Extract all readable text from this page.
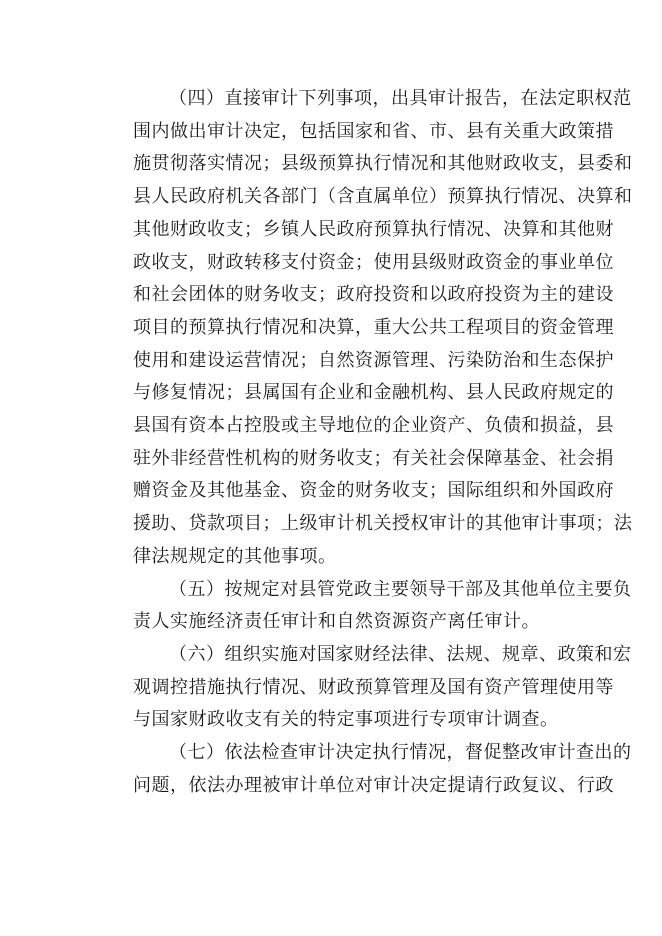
（四）直接审计下列事项，出具审计报告，在法定职权范
围内做出审计决定，包括国家和省、市、县有关重大政策措
施贯彻落实情况；县级预算执行情况和其他财政收支，县委和
县人民政府机关各部门（含直属单位）预算执行情况、决算和
其他财政收支；乡镇人民政府预算执行情况、决算和其他财
政收支，财政转移支付资金；使用县级财政资金的事业单位
和社会团体的财务收支；政府投资和以政府投资为主的建设
项目的预算执行情况和决算，重大公共工程项目的资金管理
使用和建设运营情况；自然资源管理、污染防治和生态保护
与修复情况；县属国有企业和金融机构、县人民政府规定的
县国有资本占控股或主导地位的企业资产、负债和损益，县
驻外非经营性机构的财务收支；有关社会保障基金、社会捐
赠资金及其他基金、资金的财务收支；国际组织和外国政府
援助、贷款项目；上级审计机关授权审计的其他审计事项；法
律法规规定的其他事项。
（五）按规定对县管党政主要领导干部及其他单位主要负
责人实施经济责任审计和自然资源资产离任审计。
（六）组织实施对国家财经法律、法规、规章、政策和宏
观调控措施执行情况、财政预算管理及国有资产管理使用等
与国家财政收支有关的特定事项进行专项审计调查。
（七）依法检查审计决定执行情况，督促整改审计查出的
问题，依法办理被审计单位对审计决定提请行政复议、行政
